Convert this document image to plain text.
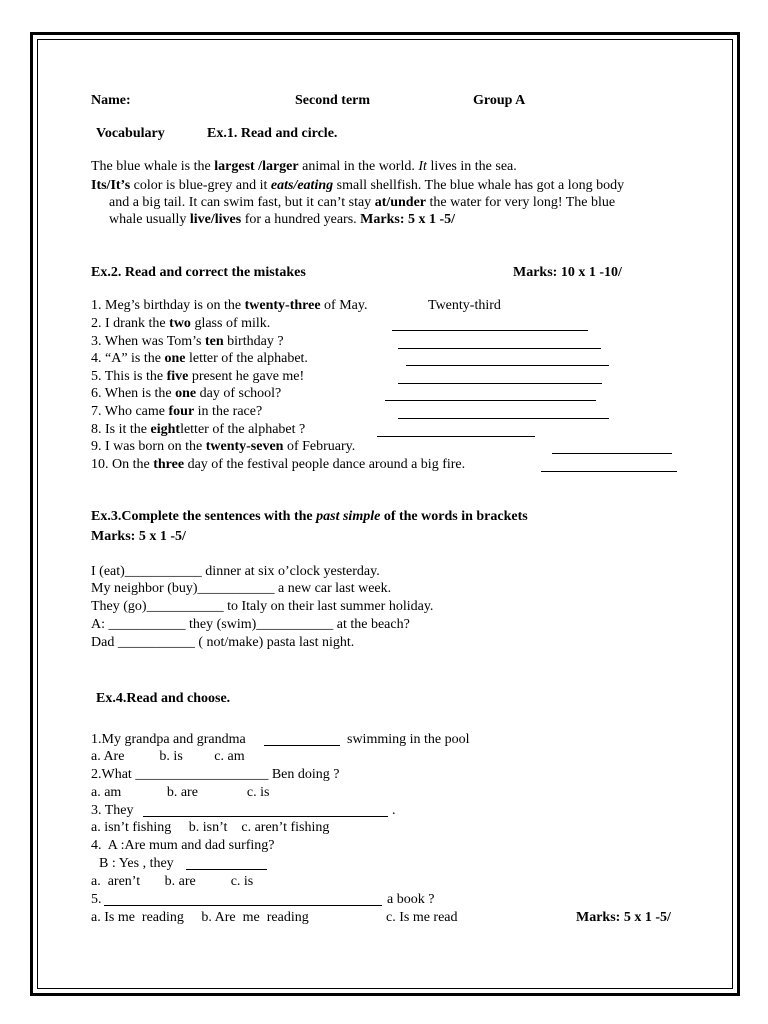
Name:	Second term	Group A
Vocabulary	Ex.1. Read and circle.
The blue whale is the largest /larger animal in the world. It lives in the sea.
Its/It’s color is blue-grey and it eats/eating small shellfish. The blue whale has got a long body
and a big tail. It can swim fast, but it can’t stay at/under the water for very long! The blue
whale usually live/lives for a hundred years. Marks: 5 x 1 -5/
Ex.2. Read and correct the mistakes	Marks: 10 x 1 -10/
1. Meg’s birthday is on the twenty-three of May.	Twenty-third
2. I drank the two glass of milk.
3. When was Tom’s ten birthday ?
4. “A” is the one letter of the alphabet.
5. This is the five present he gave me!
6. When is the one day of school?
7. Who came four in the race?
8. Is it the eightletter of the alphabet ?
9. I was born on the twenty-seven of February.
10. On the three day of the festival people dance around a big fire.
Ex.3.Complete the sentences with the past simple of the words in brackets
Marks: 5 x 1 -5/
I (eat)___________ dinner at six o’clock yesterday.
My neighbor (buy)___________ a new car last week.
They (go)___________ to Italy on their last summer holiday.
A: ___________ they (swim)___________ at the beach?
Dad ___________ ( not/make) pasta last night.
Ex.4.Read and choose.
1.My grandpa and grandma	swimming in the pool
a. Are          b. is         c. am
2.What ___________________ Ben doing ?
a. am             b. are              c. is
3. They	.
a. isn’t fishing     b. isn’t    c. aren’t fishing
4.  A :Are mum and dad surfing?
B : Yes , they
a.  aren’t       b. are          c. is
5.	a book ?
a. Is me  reading     b. Are  me  reading	c. Is me read	Marks: 5 x 1 -5/
